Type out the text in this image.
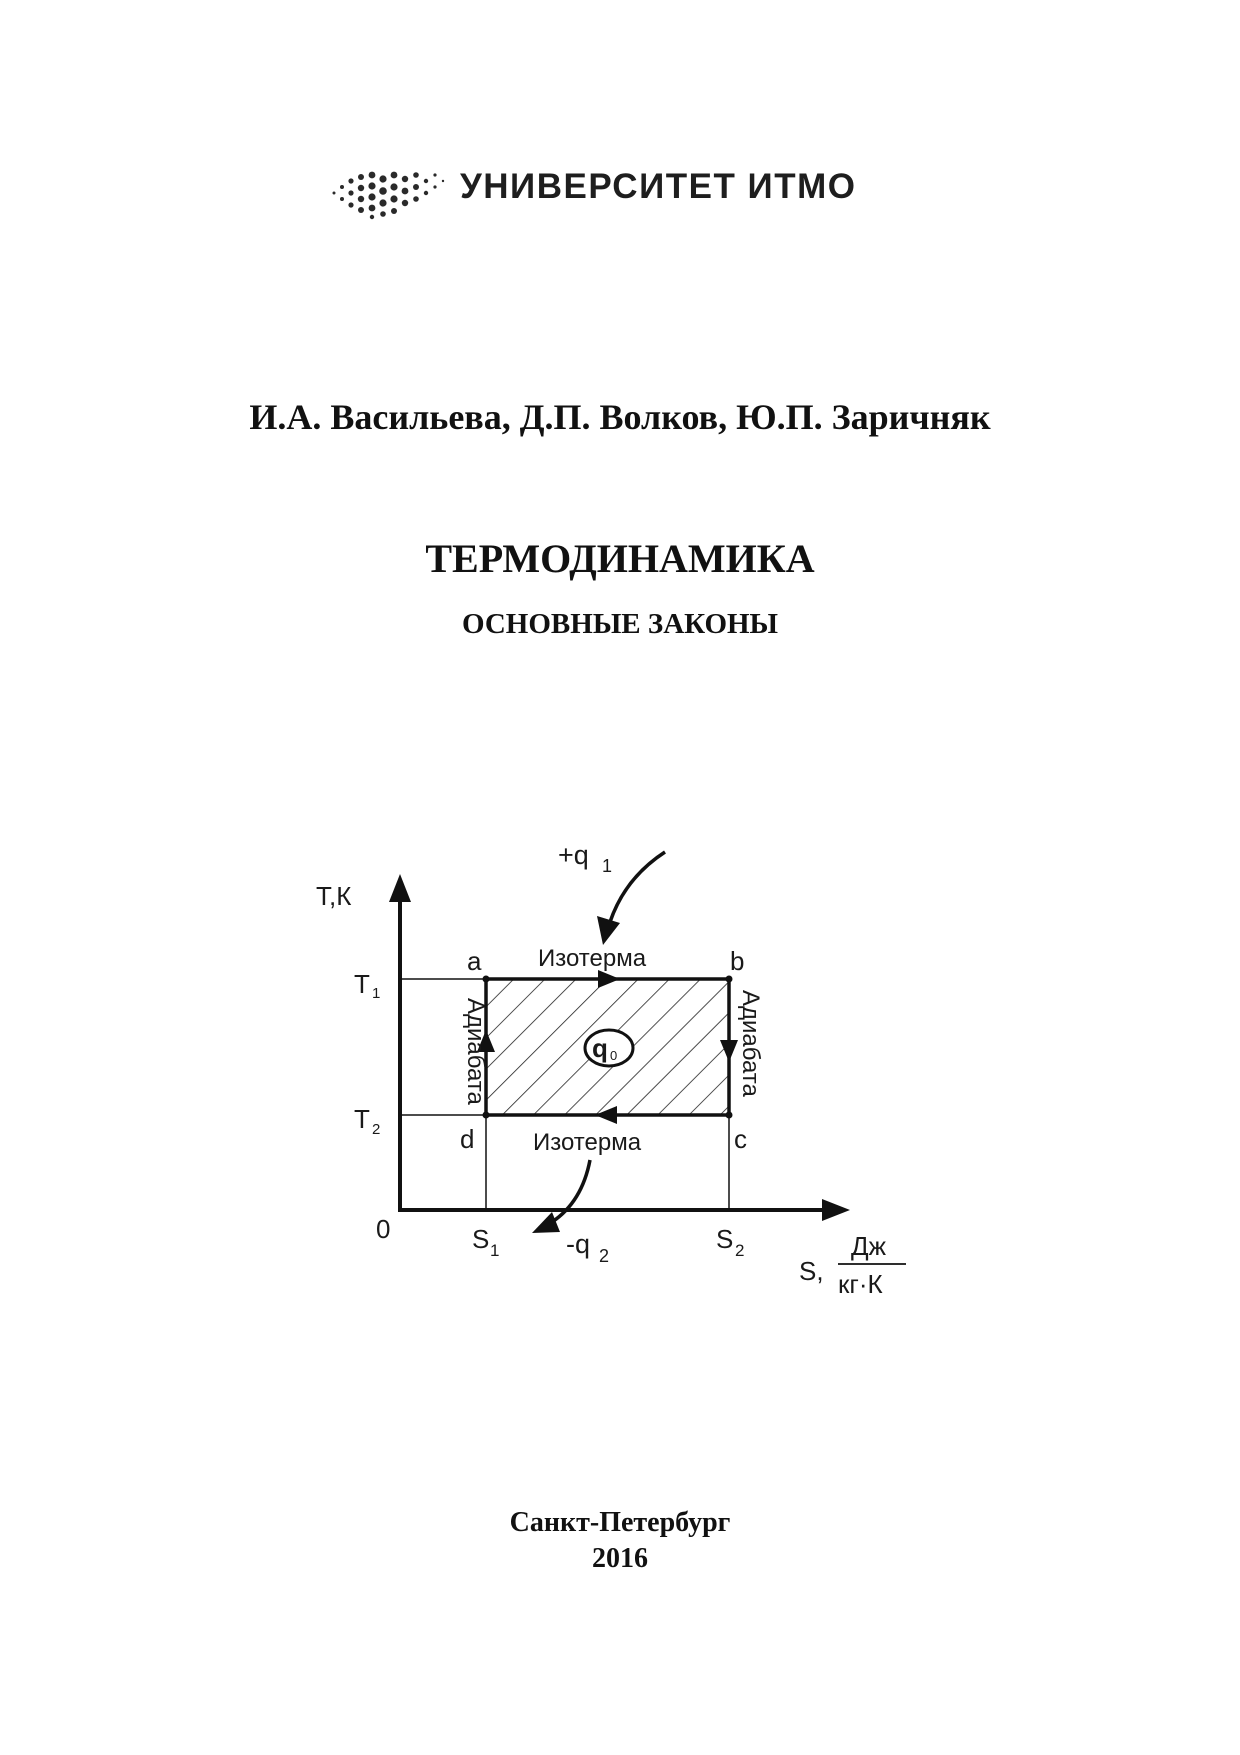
УНИВЕРСИТЕТ ИТМО
И.А. Васильева, Д.П. Волков, Ю.П. Заричняк
ТЕРМОДИНАМИКА
ОСНОВНЫЕ ЗАКОНЫ
q 0
+q 1
-q 2
Изотерма
Изотерма
Адиабата	Адиабата
a	b
c
d
Т,К
T 1
T 2
0	S 1	S 2
S,
Дж
кг·К
Санкт-Петербург
2016
